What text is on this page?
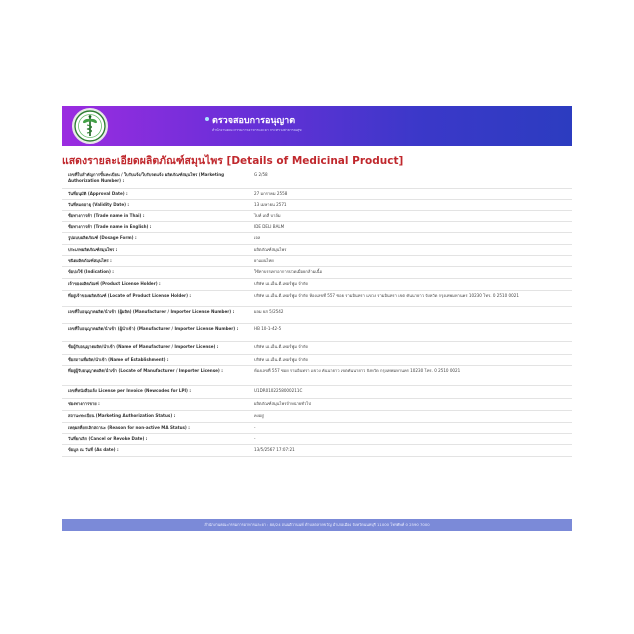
ตรวจสอบการอนุญาต
สำนักงานคณะกรรมการอาหารและยา กระทรวงสาธารณสุข
แสดงรายละเอียดผลิตภัณฑ์สมุนไพร [Details of Medicinal Product]
เลขที่ใบสำคัญการขึ้นทะเบียน / ใบรับแจ้ง/ใบรับจดแจ้ง ผลิตภัณฑ์สมุนไพร (Marketing Authorization Number) :
G 2/58
วันที่อนุมัติ (Approval Date) :	27 มกราคม 2558
วันที่หมดอายุ (Validity Date) :	13 เมษายน 2571
ชื่อทางการค้า (Trade name in Thai) :	ไบท์ เดลี่ บาล์ม
ชื่อทางการค้า (Trade name in English) :	IDE DELI BALM
รูปแบบผลิตภัณฑ์ (Dosage Form) :	เจล
ประเภทผลิตภัณฑ์สมุนไพร :	ผลิตภัณฑ์สมุนไพร
ชนิดผลิตภัณฑ์สมุนไพร :	ยาแผนไทย
ข้อบ่งใช้ (Indication) :	ใช้ทาบรรเทาอาการปวดเมื่อยกล้ามเนื้อ
เจ้าของผลิตภัณฑ์ (Product License Holder) :	บริษัท เอ.เอ็น.ดี.เพอร์ฟูม จำกัด
ที่อยู่เจ้าของผลิตภัณฑ์ (Locate of Product License Holder) :	บริษัท เอ.เอ็น.ดี.เพอร์ฟูม จำกัด ห้องเลขที่ 557 ซอย รามอินทรา แขวง รามอินทรา เขต คันนายาว จังหวัด กรุงเทพมหานคร 10230 โทร. 0 2510 0021
เลขที่ใบอนุญาตผลิต/นำเข้า (ผู้ผลิต) (Manufacturer / Importer License Number) :	ผลม ยส 5/2542
เลขที่ใบอนุญาตผลิต/นำเข้า (ผู้นำเข้า) (Manufacturer / Importer License Number) :	HB 10-1-42-5
ชื่อผู้รับอนุญาตผลิต/นำเข้า (Name of Manufacturer / Importer License) :	บริษัท เอ.เอ็น.ดี.เพอร์ฟูม จำกัด
ชื่อสถานที่ผลิต/นำเข้า (Name of Establishment) :	บริษัท เอ.เอ็น.ดี.เพอร์ฟูม จำกัด
ที่อยู่ผู้รับอนุญาตผลิต/นำเข้า (Locate of Manufacturer / Importer License) :	ห้องเลขที่ 557 ซอย รามอินทรา แขวง คันนายาว เขตคันนายาว จังหวัด กรุงเทพมหานคร 10230 โทร. 0 2510 0021
เลขที่หนังสือแจ้ง License per Invoice (Newcodes for LPI) :	U1DR0102258000211C
ช่องทางการขาย :	ผลิตภัณฑ์สมุนไพรจำหน่ายทั่วไป
สถานะทะเบียน (Marketing Authorization Status) :	คงอยู่
เหตุผลที่ยกเลิกสถานะ (Reason for non-active MA Status) :	-
วันที่ยกเลิก (Cancel or Revoke Date) :	-
ข้อมูล ณ วันที่ (As date) :	13/5/2567 17:07:21
สำนักงานคณะกรรมการอาหารและยา : 88/24 ถนนติวานนท์ ตำบลตลาดขวัญ อำเภอเมือง จังหวัดนนทบุรี 11000 โทรศัพท์ 0 2590 7000
